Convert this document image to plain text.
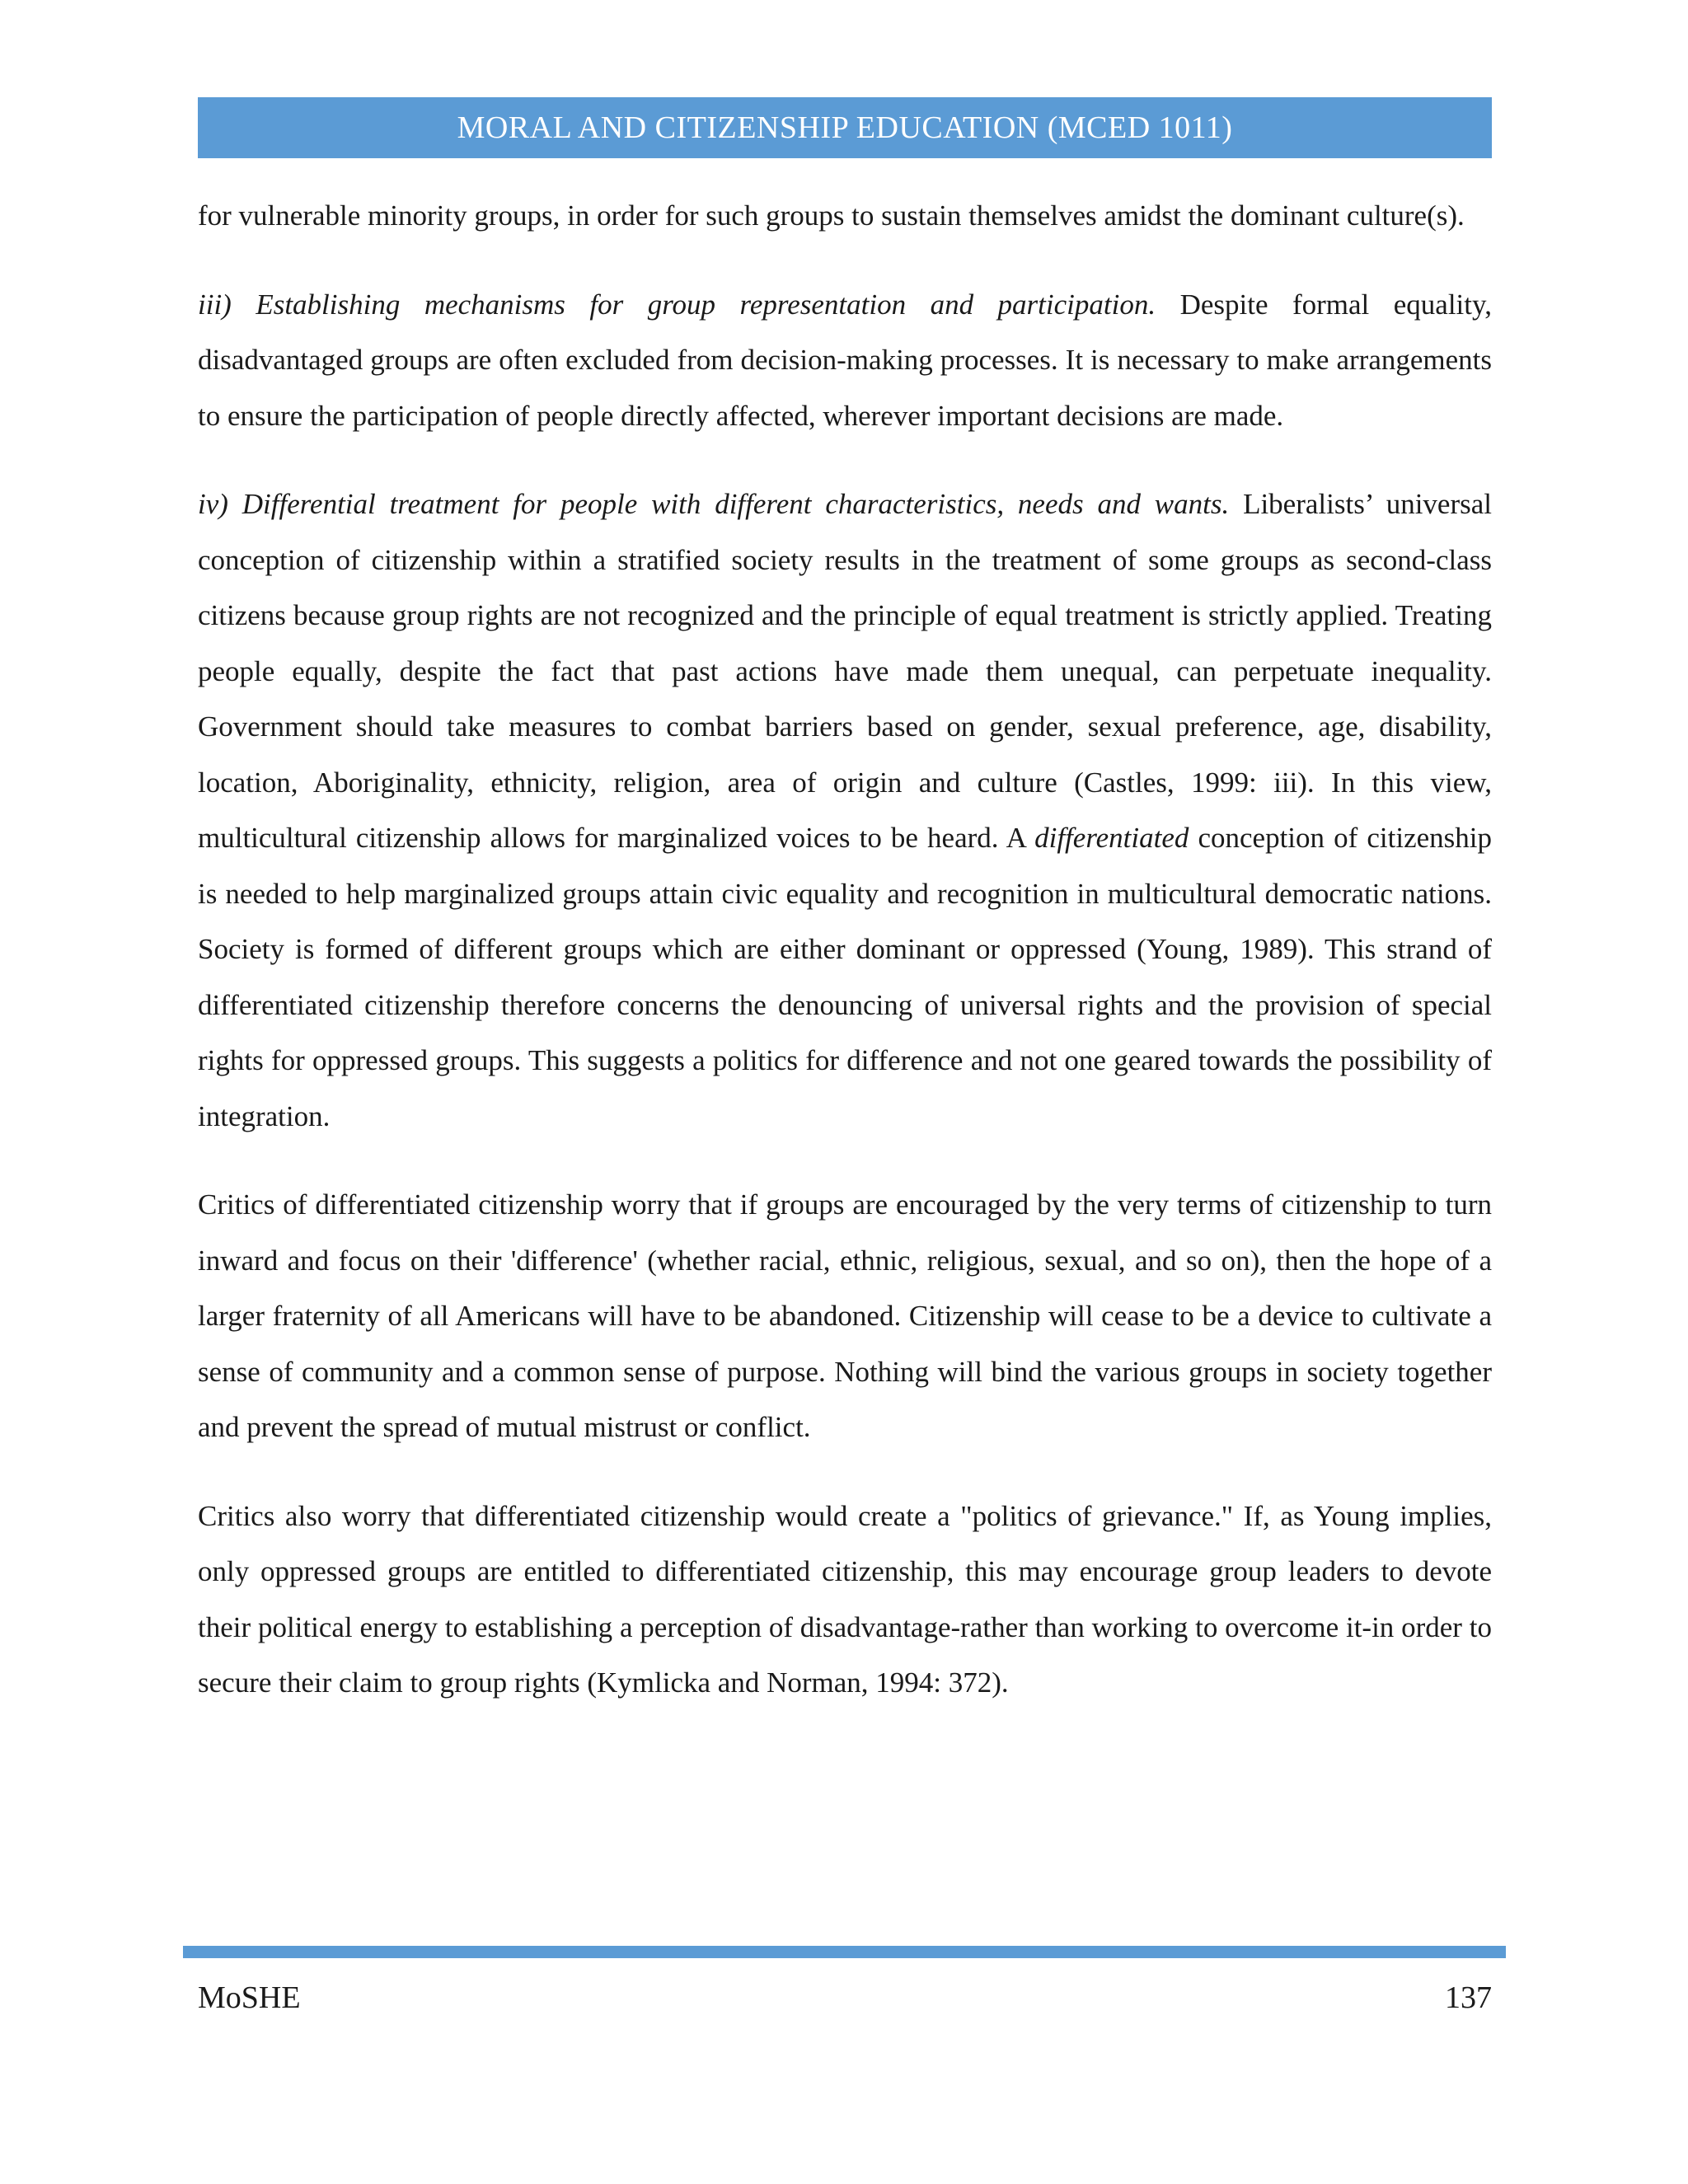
MORAL AND CITIZENSHIP EDUCATION (MCED 1011)

for vulnerable minority groups, in order for such groups to sustain themselves amidst the dominant culture(s).

iii) Establishing mechanisms for group representation and participation. Despite formal equality, disadvantaged groups are often excluded from decision-making processes. It is necessary to make arrangements to ensure the participation of people directly affected, wherever important decisions are made.

iv) Differential treatment for people with different characteristics, needs and wants. Liberalists’ universal conception of citizenship within a stratified society results in the treatment of some groups as second-class citizens because group rights are not recognized and the principle of equal treatment is strictly applied. Treating people equally, despite the fact that past actions have made them unequal, can perpetuate inequality. Government should take measures to combat barriers based on gender, sexual preference, age, disability, location, Aboriginality, ethnicity, religion, area of origin and culture (Castles, 1999: iii). In this view, multicultural citizenship allows for marginalized voices to be heard. A differentiated conception of citizenship is needed to help marginalized groups attain civic equality and recognition in multicultural democratic nations. Society is formed of different groups which are either dominant or oppressed (Young, 1989). This strand of differentiated citizenship therefore concerns the denouncing of universal rights and the provision of special rights for oppressed groups. This suggests a politics for difference and not one geared towards the possibility of integration.

Critics of differentiated citizenship worry that if groups are encouraged by the very terms of citizenship to turn inward and focus on their 'difference' (whether racial, ethnic, religious, sexual, and so on), then the hope of a larger fraternity of all Americans will have to be abandoned. Citizenship will cease to be a device to cultivate a sense of community and a common sense of purpose. Nothing will bind the various groups in society together and prevent the spread of mutual mistrust or conflict.

Critics also worry that differentiated citizenship would create a "politics of grievance." If, as Young implies, only oppressed groups are entitled to differentiated citizenship, this may encourage group leaders to devote their political energy to establishing a perception of disadvantage-rather than working to overcome it-in order to secure their claim to group rights (Kymlicka and Norman, 1994: 372).

MoSHE	137
